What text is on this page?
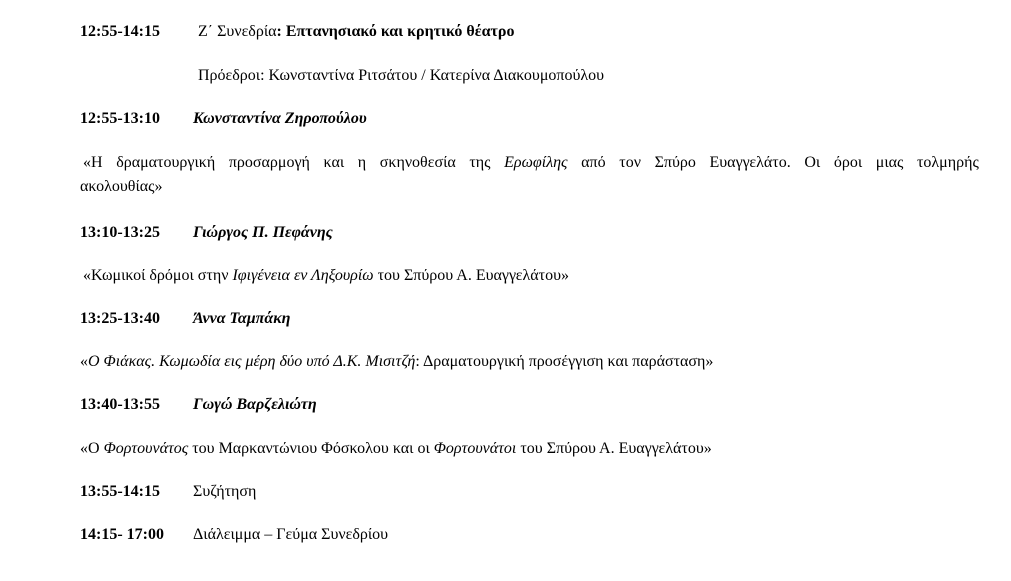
12:55-14:15 Ζ΄ Συνεδρία: Επτανησιακό και κρητικό θέατρο
Πρόεδροι: Κωνσταντίνα Ριτσάτου / Κατερίνα Διακουμοπούλου
12:55-13:10 Κωνσταντίνα Ζηροπούλου
«Η δραματουργική προσαρμογή και η σκηνοθεσία της Ερωφίλης από τον Σπύρο Ευαγγελάτο. Οι όροι μιας τολμηρής
ακολουθίας»
13:10-13:25 Γιώργος Π. Πεφάνης
«Κωμικοί δρόμοι στην Ιφιγένεια εν Ληξουρίω του Σπύρου Α. Ευαγγελάτου»
13:25-13:40 Άννα Ταμπάκη
«Ο Φιάκας. Κωμωδία εις μέρη δύο υπό Δ.Κ. Μισιτζή: Δραματουργική προσέγγιση και παράσταση»
13:40-13:55 Γωγώ Βαρζελιώτη
«Ο Φορτουνάτος του Μαρκαντώνιου Φόσκολου και οι Φορτουνάτοι του Σπύρου Α. Ευαγγελάτου»
13:55-14:15 Συζήτηση
14:15- 17:00 Διάλειμμα – Γεύμα Συνεδρίου
